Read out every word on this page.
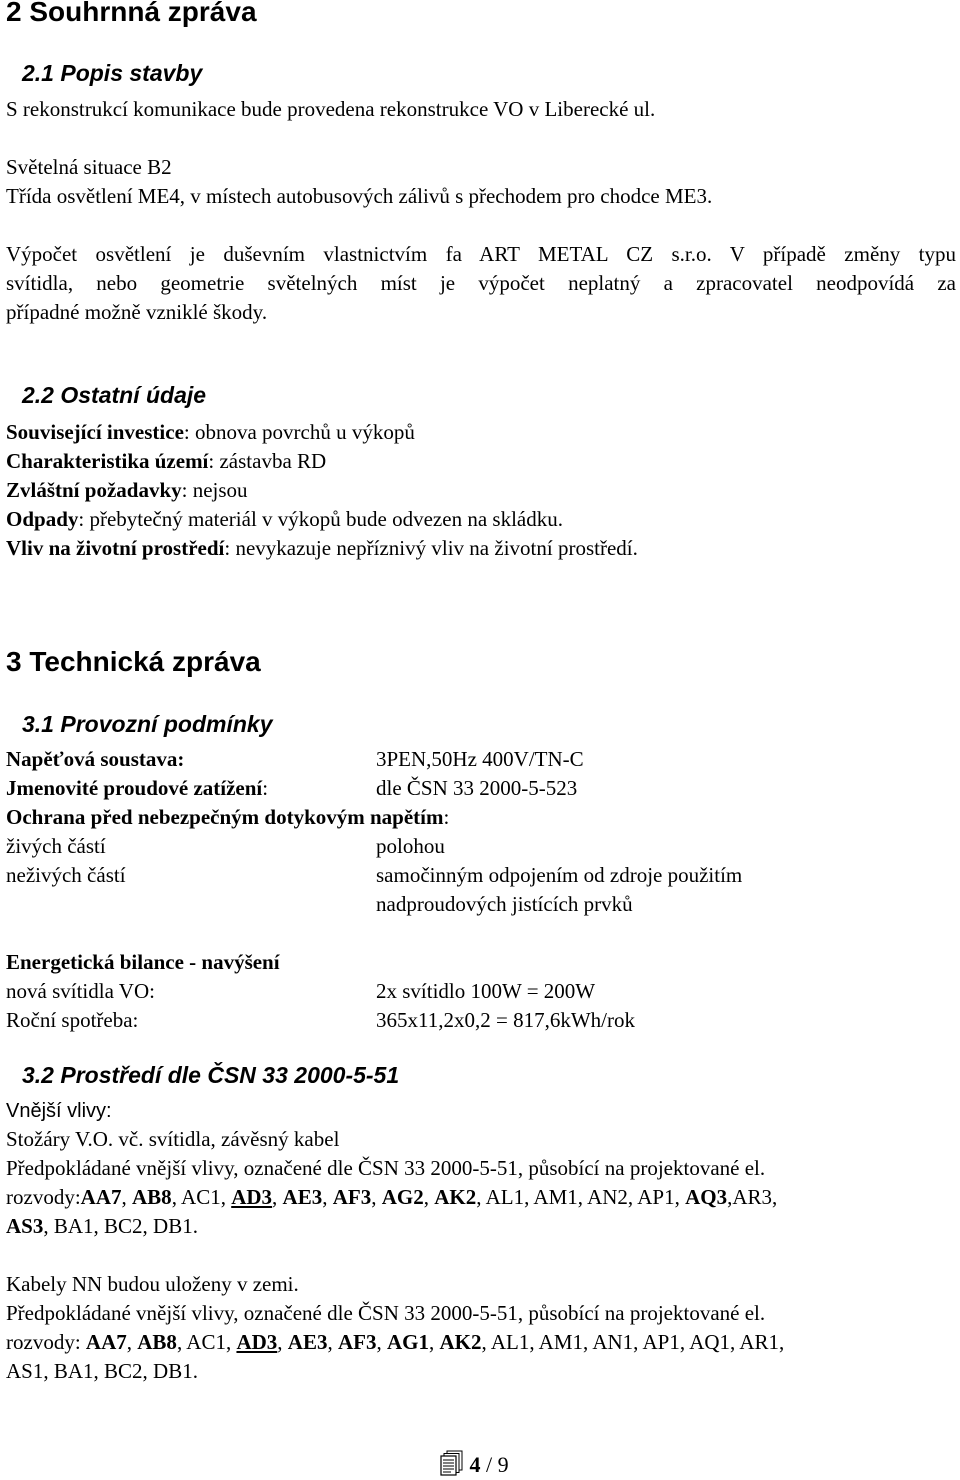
2 Souhrnná zpráva
2.1 Popis stavby
S rekonstrukcí komunikace bude provedena rekonstrukce VO v Liberecké ul.
Světelná situace B2
Třída osvětlení ME4, v místech autobusových zálivů s přechodem pro chodce ME3.
Výpočet osvětlení je duševním vlastnictvím fa ART METAL CZ s.r.o. V případě změny typu
svítidla, nebo geometrie světelných míst je výpočet neplatný a zpracovatel neodpovídá za
případné možně vzniklé škody.
2.2 Ostatní údaje
Související investice: obnova povrchů u výkopů
Charakteristika území: zástavba RD
Zvláštní požadavky: nejsou
Odpady: přebytečný materiál v výkopů bude odvezen na skládku.
Vliv na životní prostředí: nevykazuje nepříznivý vliv na životní prostředí.
3 Technická zpráva
3.1 Provozní podmínky
Napěťová soustava:	3PEN,50Hz 400V/TN-C
Jmenovité proudové zatížení:	dle ČSN 33 2000-5-523
Ochrana před nebezpečným dotykovým napětím:
živých částí	polohou
neživých částí	samočinným odpojením od zdroje použitím
nadproudových jistících prvků
Energetická bilance - navýšení
nová svítidla VO:	2x svítidlo 100W = 200W
Roční spotřeba:	365x11,2x0,2 = 817,6kWh/rok
3.2 Prostředí dle ČSN 33 2000-5-51
Vnější vlivy:
Stožáry V.O. vč. svítidla, závěsný kabel
Předpokládané vnější vlivy, označené dle ČSN 33 2000-5-51, působící na projektované el.
rozvody:AA7, AB8, AC1, AD3, AE3, AF3, AG2, AK2, AL1, AM1, AN2, AP1, AQ3,AR3,
AS3, BA1, BC2, DB1.
Kabely NN budou uloženy v zemi.
Předpokládané vnější vlivy, označené dle ČSN 33 2000-5-51, působící na projektované el.
rozvody: AA7, AB8, AC1, AD3, AE3, AF3, AG1, AK2, AL1, AM1, AN1, AP1, AQ1, AR1,
AS1, BA1, BC2, DB1.
4 / 9
